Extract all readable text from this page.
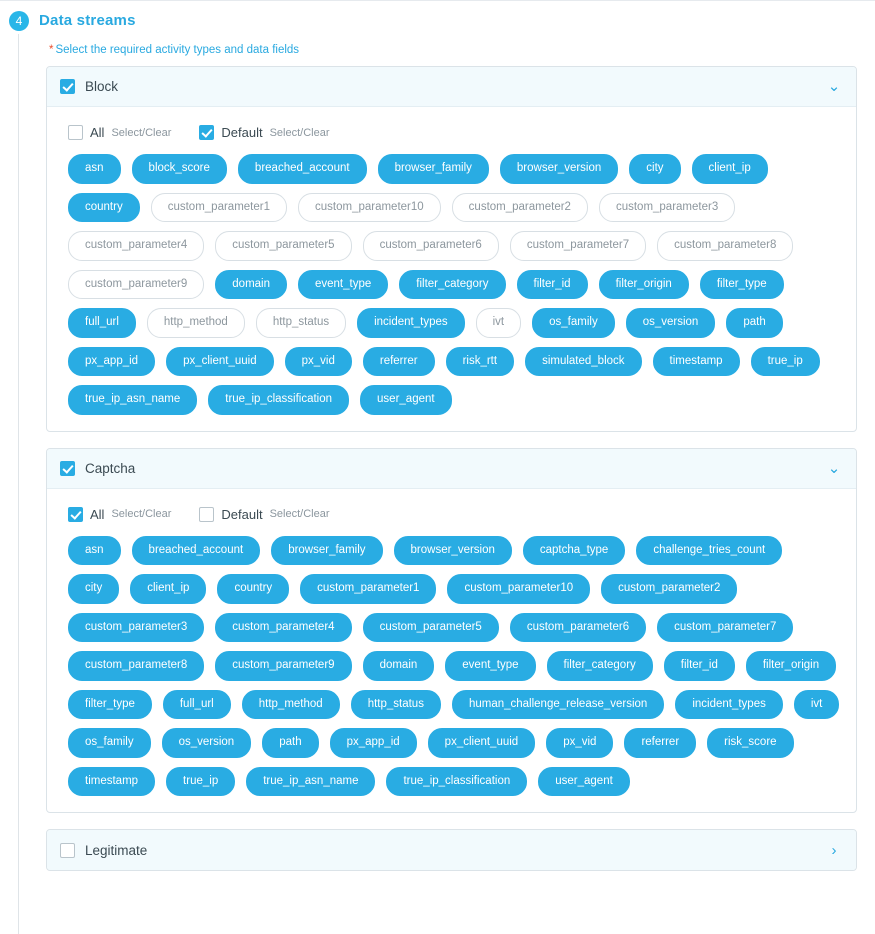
4	Data streams
* Select the required activity types and data fields
Block	⌄
All Select/Clear	Default Select/Clear
asn	block_score	breached_account	browser_family	browser_version	city	client_ip
country	custom_parameter1	custom_parameter10	custom_parameter2	custom_parameter3
custom_parameter4	custom_parameter5	custom_parameter6	custom_parameter7	custom_parameter8
custom_parameter9	domain	event_type	filter_category	filter_id	filter_origin	filter_type
full_url	http_method	http_status	incident_types	ivt	os_family	os_version	path
px_app_id	px_client_uuid	px_vid	referrer	risk_rtt	simulated_block	timestamp	true_ip
true_ip_asn_name	true_ip_classification	user_agent
Captcha	⌄
All Select/Clear	Default Select/Clear
asn	breached_account	browser_family	browser_version	captcha_type	challenge_tries_count
city	client_ip	country	custom_parameter1	custom_parameter10	custom_parameter2
custom_parameter3	custom_parameter4	custom_parameter5	custom_parameter6	custom_parameter7
custom_parameter8	custom_parameter9	domain	event_type	filter_category	filter_id	filter_origin
filter_type	full_url	http_method	http_status	human_challenge_release_version	incident_types	ivt
os_family	os_version	path	px_app_id	px_client_uuid	px_vid	referrer	risk_score
timestamp	true_ip	true_ip_asn_name	true_ip_classification	user_agent
Legitimate	›
